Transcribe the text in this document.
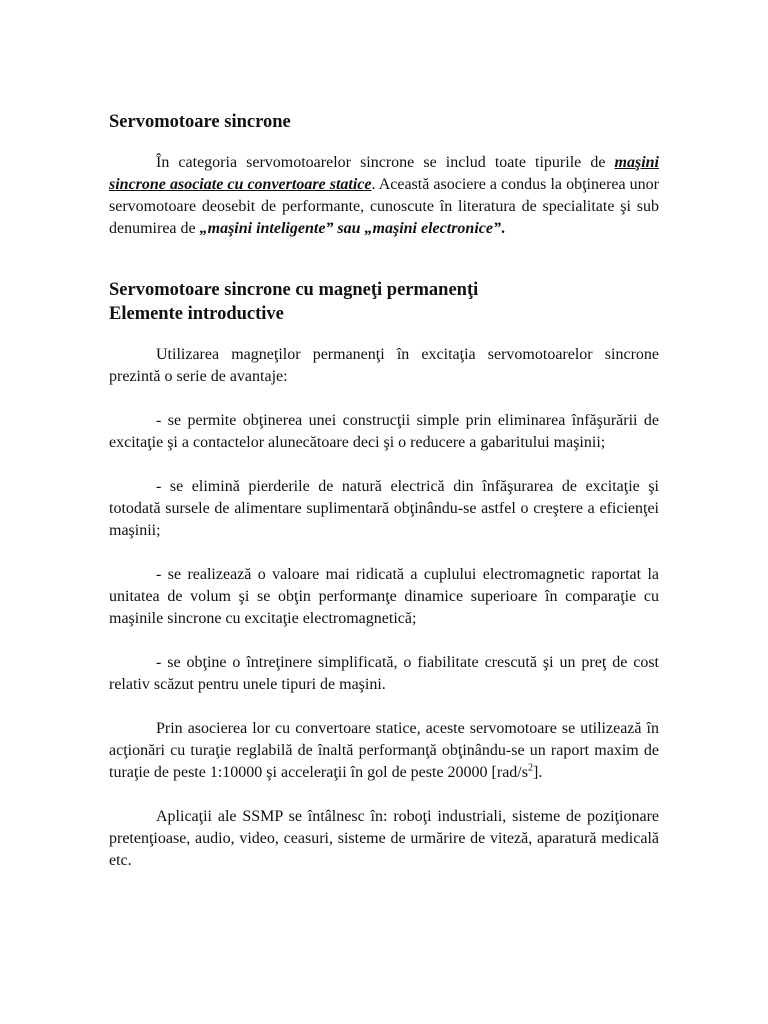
Servomotoare sincrone

În categoria servomotoarelor sincrone se includ toate tipurile de maşini sincrone asociate cu convertoare statice. Această asociere a condus la obţinerea unor servomotoare deosebit de performante, cunoscute în literatura de specialitate şi sub denumirea de „maşini inteligente” sau „maşini electronice”.

Servomotoare sincrone cu magneţi permanenţi

Elemente introductive

Utilizarea magneţilor permanenţi în excitaţia servomotoarelor sincrone prezintă o serie de avantaje:

- se permite obţinerea unei construcţii simple prin eliminarea înfăşurării de excitaţie şi a contactelor alunecătoare deci şi o reducere a gabaritului maşinii;

- se elimină pierderile de natură electrică din înfăşurarea de excitaţie şi totodată sursele de alimentare suplimentară obţinându-se astfel o creştere a eficienţei maşinii;

- se realizează o valoare mai ridicată a cuplului electromagnetic raportat la unitatea de volum şi se obţin performanţe dinamice superioare în comparaţie cu maşinile sincrone cu excitaţie electromagnetică;

- se obţine o întreţinere simplificată, o fiabilitate crescută şi un preţ de cost relativ scăzut pentru unele tipuri de maşini.

Prin asocierea lor cu convertoare statice, aceste servomotoare se utilizează în acţionări cu turaţie reglabilă de înaltă performanţă obţinându-se un raport maxim de turaţie de peste 1:10000 şi acceleraţii în gol de peste 20000 $[rad/s^2]$.

Aplicaţii ale SSMP se întâlnesc în: roboţi industriali, sisteme de poziţionare pretenţioase, audio, video, ceasuri, sisteme de urmărire de viteză, aparatură medicală etc.
